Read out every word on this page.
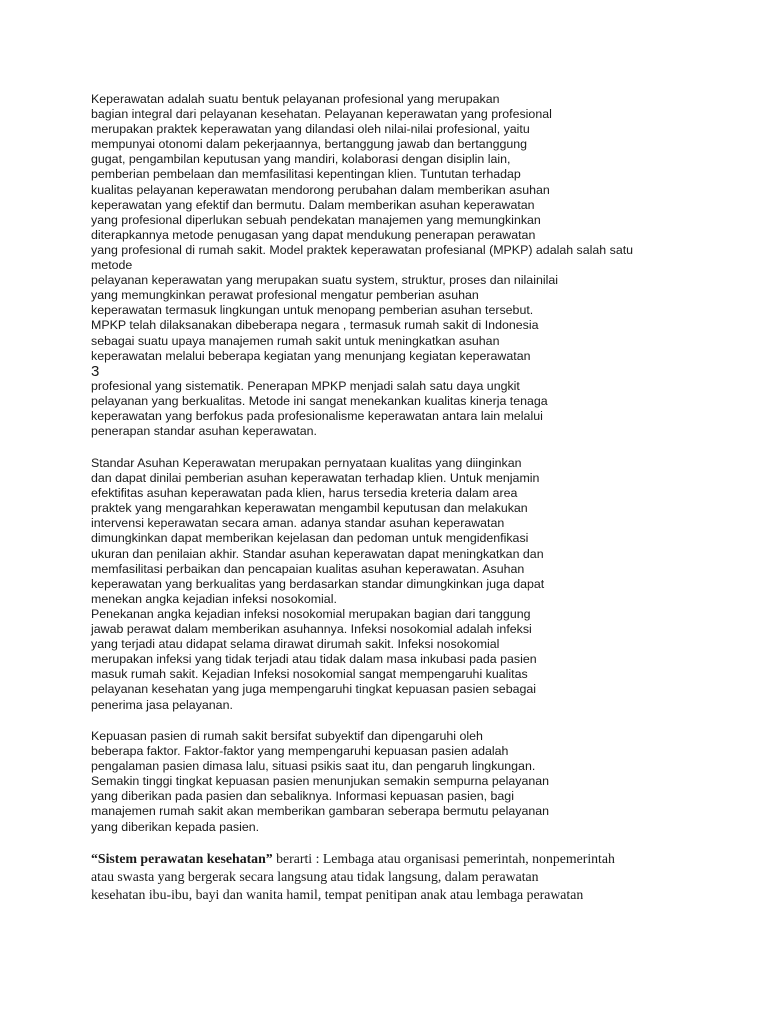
Keperawatan adalah suatu bentuk pelayanan profesional yang merupakan
bagian integral dari pelayanan kesehatan. Pelayanan keperawatan yang profesional
merupakan praktek keperawatan yang dilandasi oleh nilai-nilai profesional, yaitu
mempunyai otonomi dalam pekerjaannya, bertanggung jawab dan bertanggung
gugat, pengambilan keputusan yang mandiri, kolaborasi dengan disiplin lain,
pemberian pembelaan dan memfasilitasi kepentingan klien. Tuntutan terhadap
kualitas pelayanan keperawatan mendorong perubahan dalam memberikan asuhan
keperawatan yang efektif dan bermutu. Dalam memberikan asuhan keperawatan
yang profesional diperlukan sebuah pendekatan manajemen yang memungkinkan
diterapkannya metode penugasan yang dapat mendukung penerapan perawatan
yang profesional di rumah sakit. Model praktek keperawatan profesianal (MPKP) adalah salah satu
metode
pelayanan keperawatan yang merupakan suatu system, struktur, proses dan nilainilai
yang memungkinkan perawat profesional mengatur pemberian asuhan
keperawatan termasuk lingkungan untuk menopang pemberian asuhan tersebut.
MPKP telah dilaksanakan dibeberapa negara , termasuk rumah sakit di Indonesia
sebagai suatu upaya manajemen rumah sakit untuk meningkatkan asuhan
keperawatan melalui beberapa kegiatan yang menunjang kegiatan keperawatan
3
profesional yang sistematik. Penerapan MPKP menjadi salah satu daya ungkit
pelayanan yang berkualitas. Metode ini sangat menekankan kualitas kinerja tenaga
keperawatan yang berfokus pada profesionalisme keperawatan antara lain melalui
penerapan standar asuhan keperawatan.
Standar Asuhan Keperawatan merupakan pernyataan kualitas yang diinginkan
dan dapat dinilai pemberian asuhan keperawatan terhadap klien. Untuk menjamin
efektifitas asuhan keperawatan pada klien, harus tersedia kreteria dalam area
praktek yang mengarahkan keperawatan mengambil keputusan dan melakukan
intervensi keperawatan secara aman. adanya standar asuhan keperawatan
dimungkinkan dapat memberikan kejelasan dan pedoman untuk mengidenfikasi
ukuran dan penilaian akhir. Standar asuhan keperawatan dapat meningkatkan dan
memfasilitasi perbaikan dan pencapaian kualitas asuhan keperawatan. Asuhan
keperawatan yang berkualitas yang berdasarkan standar dimungkinkan juga dapat
menekan angka kejadian infeksi nosokomial.
Penekanan angka kejadian infeksi nosokomial merupakan bagian dari tanggung
jawab perawat dalam memberikan asuhannya. Infeksi nosokomial adalah infeksi
yang terjadi atau didapat selama dirawat dirumah sakit. Infeksi nosokomial
merupakan infeksi yang tidak terjadi atau tidak dalam masa inkubasi pada pasien
masuk rumah sakit. Kejadian Infeksi nosokomial sangat mempengaruhi kualitas
pelayanan kesehatan yang juga mempengaruhi tingkat kepuasan pasien sebagai
penerima jasa pelayanan.
Kepuasan pasien di rumah sakit bersifat subyektif dan dipengaruhi oleh
beberapa faktor. Faktor-faktor yang mempengaruhi kepuasan pasien adalah
pengalaman pasien dimasa lalu, situasi psikis saat itu, dan pengaruh lingkungan.
Semakin tinggi tingkat kepuasan pasien menunjukan semakin sempurna pelayanan
yang diberikan pada pasien dan sebaliknya. Informasi kepuasan pasien, bagi
manajemen rumah sakit akan memberikan gambaran seberapa bermutu pelayanan
yang diberikan kepada pasien.
“Sistem perawatan kesehatan” berarti : Lembaga atau organisasi pemerintah, nonpemerintah
atau swasta yang bergerak secara langsung atau tidak langsung, dalam perawatan
kesehatan ibu-ibu, bayi dan wanita hamil, tempat penitipan anak atau lembaga perawatan
